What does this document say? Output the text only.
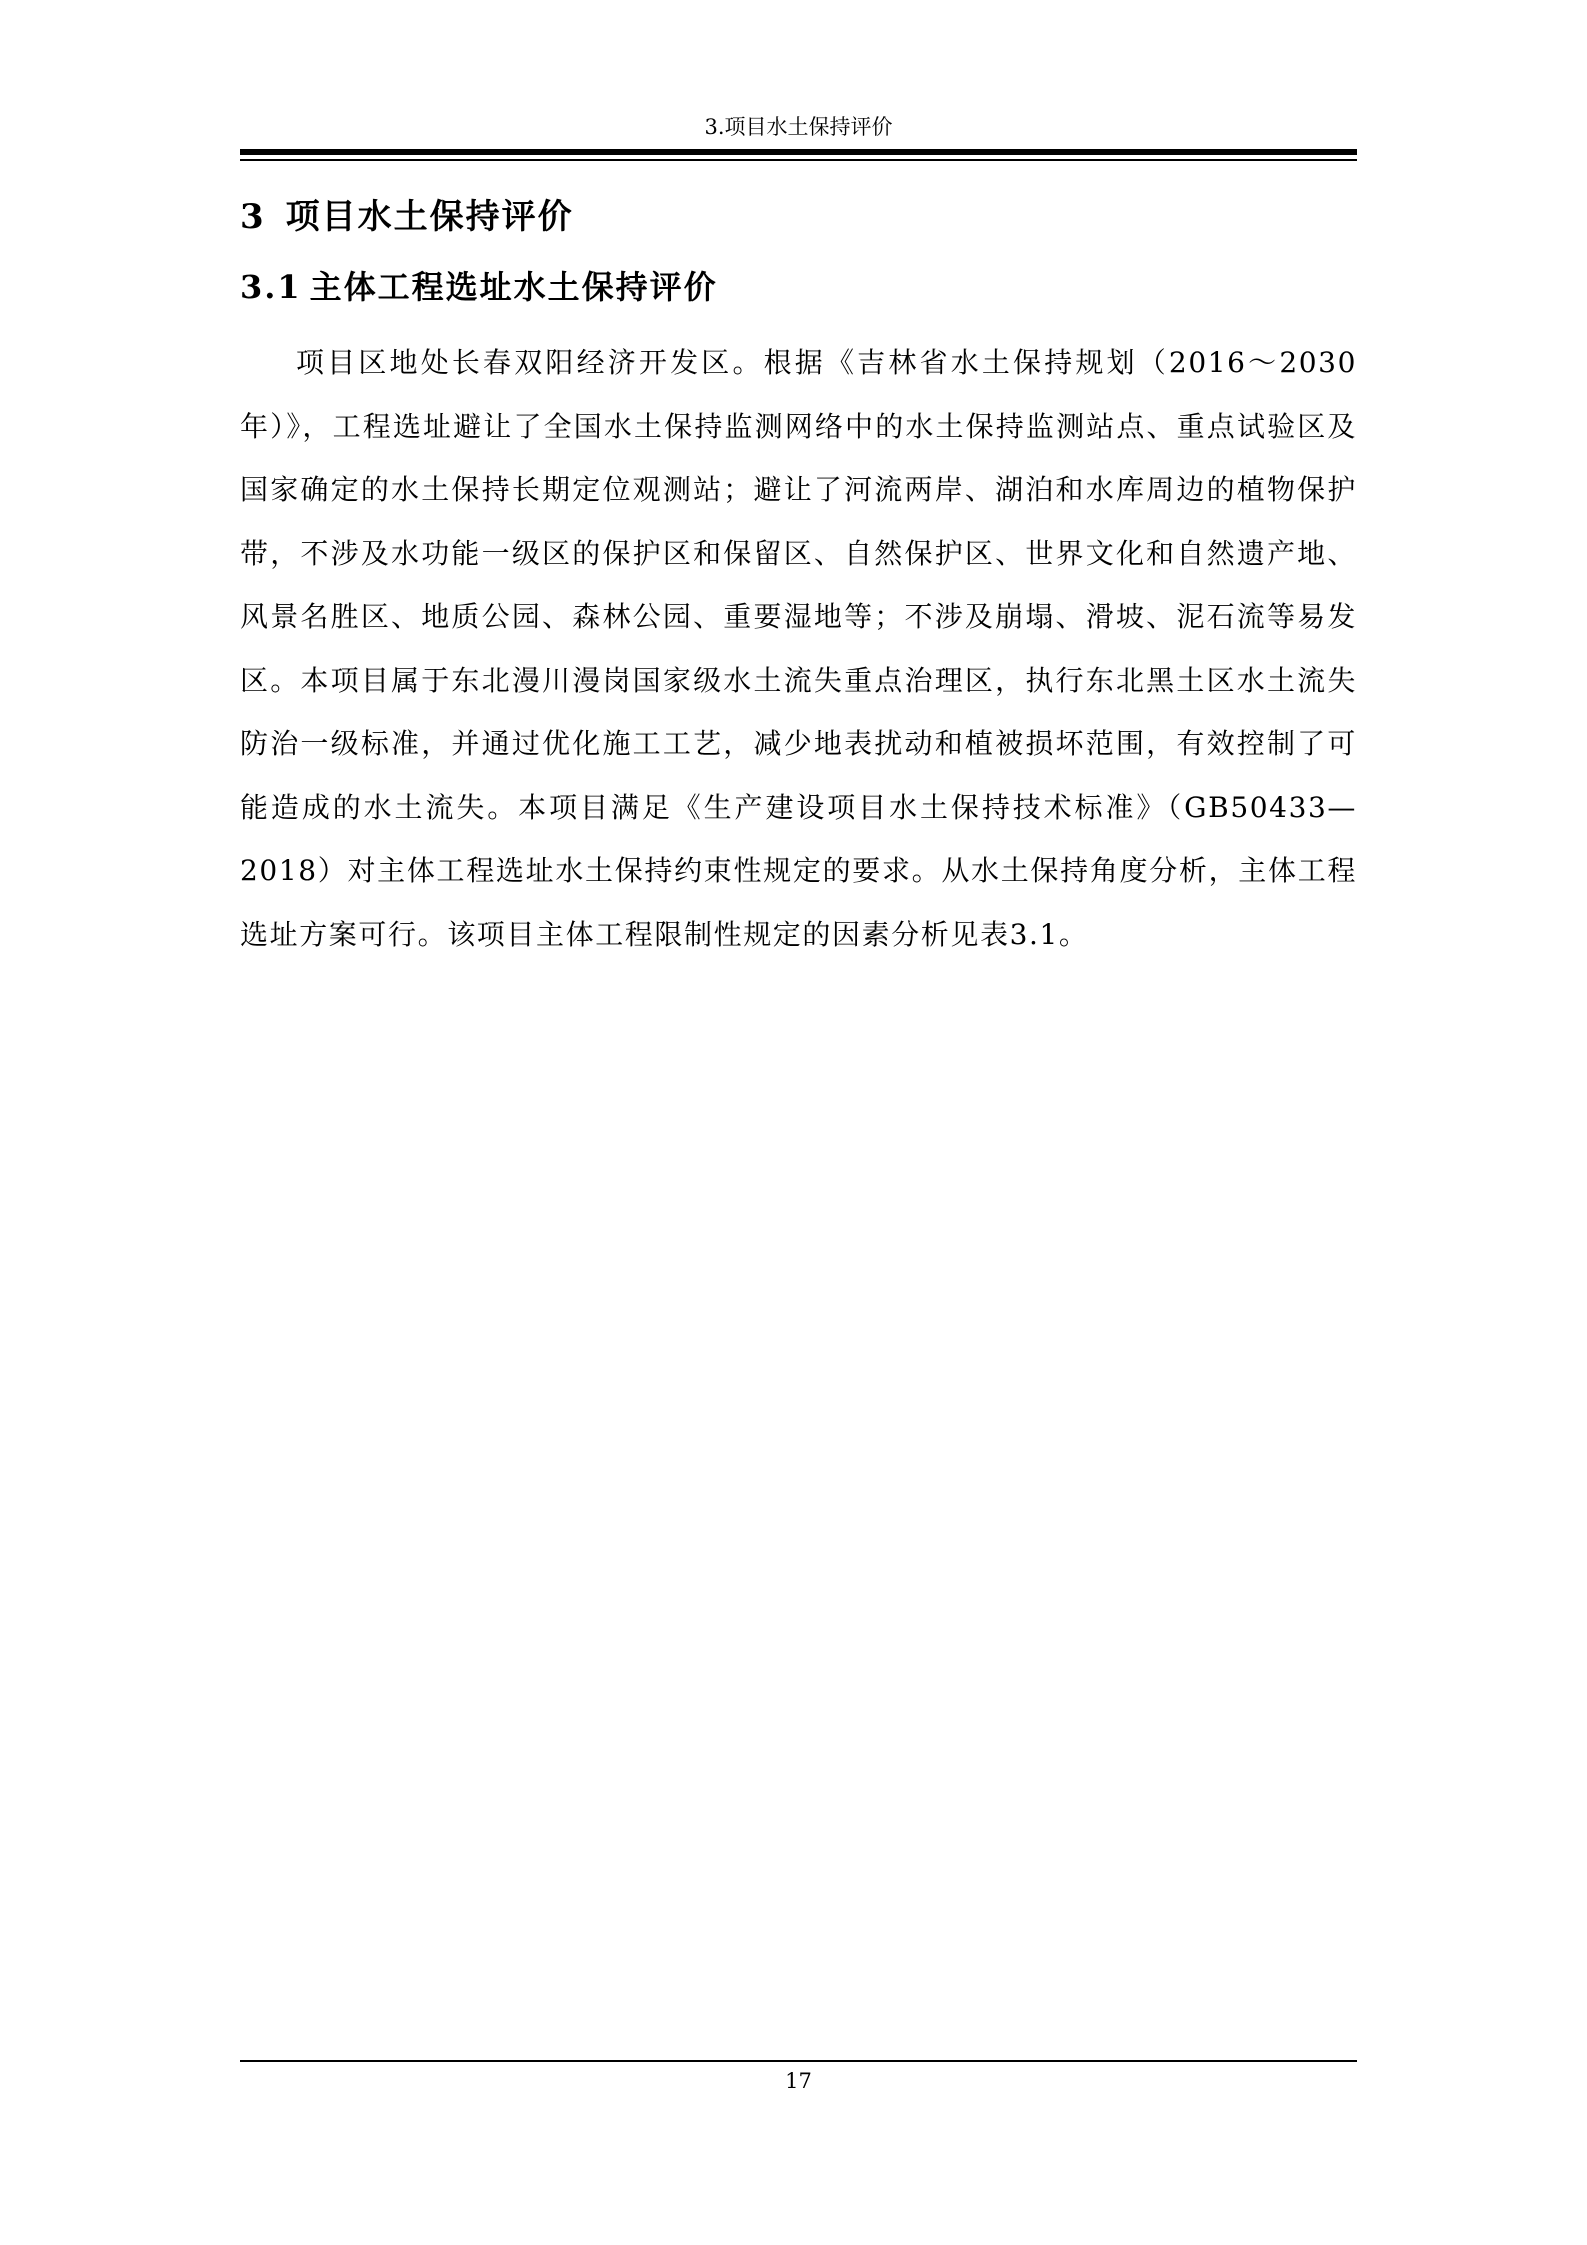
3.项目水土保持评价
3 项目水土保持评价
3.1 主体工程选址水土保持评价

项目区地处长春双阳经济开发区。根据《吉林省水土保持规划（2016～2030年）》，工程选址避让了全国水土保持监测网络中的水土保持监测站点、重点试验区及国家确定的水土保持长期定位观测站；避让了河流两岸、湖泊和水库周边的植物保护带，不涉及水功能一级区的保护区和保留区、自然保护区、世界文化和自然遗产地、风景名胜区、地质公园、森林公园、重要湿地等；不涉及崩塌、滑坡、泥石流等易发区。本项目属于东北漫川漫岗国家级水土流失重点治理区，执行东北黑土区水土流失防治一级标准，并通过优化施工工艺，减少地表扰动和植被损坏范围，有效控制了可能造成的水土流失。本项目满足《生产建设项目水土保持技术标准》（GB50433—2018）对主体工程选址水土保持约束性规定的要求。从水土保持角度分析，主体工程选址方案可行。该项目主体工程限制性规定的因素分析见表3.1。

17
